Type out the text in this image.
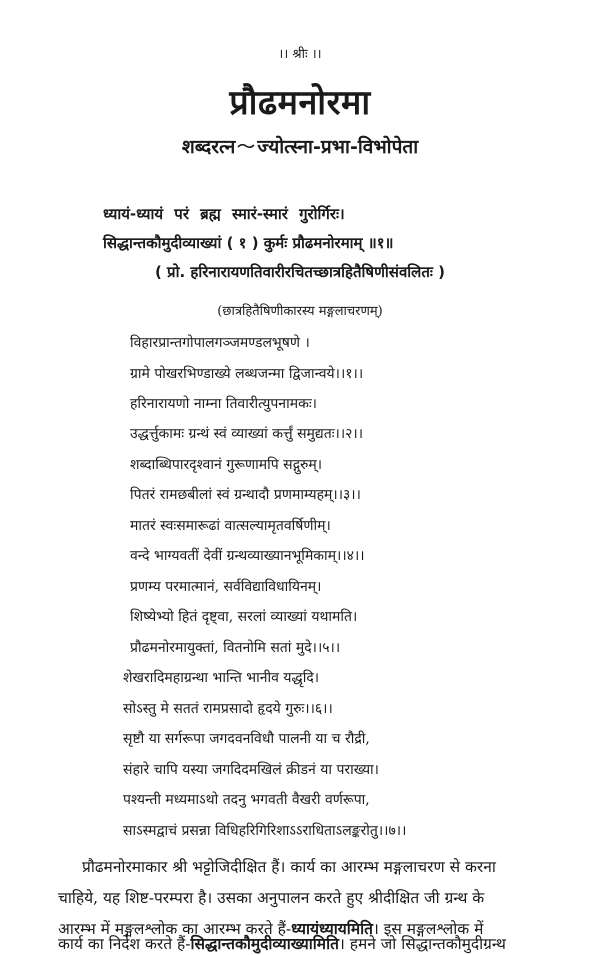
।। श्रीः ।।
प्रौढमनोरमा
शब्दरत्न ज्योत्स्ना-प्रभा-विभोपेता
ध्यायं-ध्यायं परं ब्रह्म स्मारं-स्मारं गुरोर्गिरः।
सिद्धान्तकौमुदीव्याख्यां ( १ ) कुर्मः प्रौढमनोरमाम् ॥१॥
( प्रो. हरिनारायणतिवारीरचितच्छात्रहितैषिणीसंवलितः )
(छात्रहितैषिणीकारस्य मङ्गलाचरणम्)
विहारप्रान्तगोपालगञ्जमण्डलभूषणे ।
ग्रामे पोखरभिण्डाख्ये लब्धजन्मा द्विजान्वये।।१।।
हरिनारायणो नाम्ना तिवारीत्युपनामकः।
उद्धर्त्तुकामः ग्रन्थं स्वं व्याख्यां कर्त्तुं समुद्यतः।।२।।
शब्दाब्धिपारदृश्वानं गुरूणामपि सद्गुरुम्।
पितरं रामछबीलां स्वं ग्रन्थादौ प्रणमाम्यहम्।।३।।
मातरं स्वःसमारूढां वात्सल्यामृतवर्षिणीम्।
वन्दे भाग्यवतीं देवीं ग्रन्थव्याख्यानभूमिकाम्।।४।।
प्रणम्य परमात्मानं, सर्वविद्याविधायिनम्।
शिष्येभ्यो हितं दृष्ट्वा, सरलां व्याख्यां यथामति।
प्रौढमनोरमायुक्तां, वितनोमि सतां मुदे।।५।।
शेखरादिमहाग्रन्था भान्ति भानीव यद्धृदि।
सोऽस्तु मे सततं रामप्रसादो हृदये गुरुः।।६।।
सृष्टौ या सर्गरूपा जगदवनविधौ पालनी या च रौद्री,
संहारे चापि यस्या जगदिदमखिलं क्रीडनं या पराख्या।
पश्यन्ती मध्यमाऽथो तदनु भगवती वैखरी वर्णरूपा,
साऽस्मद्वाचं प्रसन्ना विधिहरिगिरिशाऽऽराधिताऽलङ्करोतु।।७।।
प्रौढमनोरमाकार श्री भट्टोजिदीक्षित हैं। कार्य का आरम्भ मङ्गलाचरण से करना
चाहिये, यह शिष्ट-परम्परा है। उसका अनुपालन करते हुए श्रीदीक्षित जी ग्रन्थ के
आरम्भ में मङ्गलश्लोक का आरम्भ करते हैं-ध्यायंध्यायमिति। इस मङ्गलश्लोक में
कार्य का निर्देश करते हैं-सिद्धान्तकौमुदीव्याख्यामिति। हमने जो सिद्धान्तकौमुदीग्रन्थ
